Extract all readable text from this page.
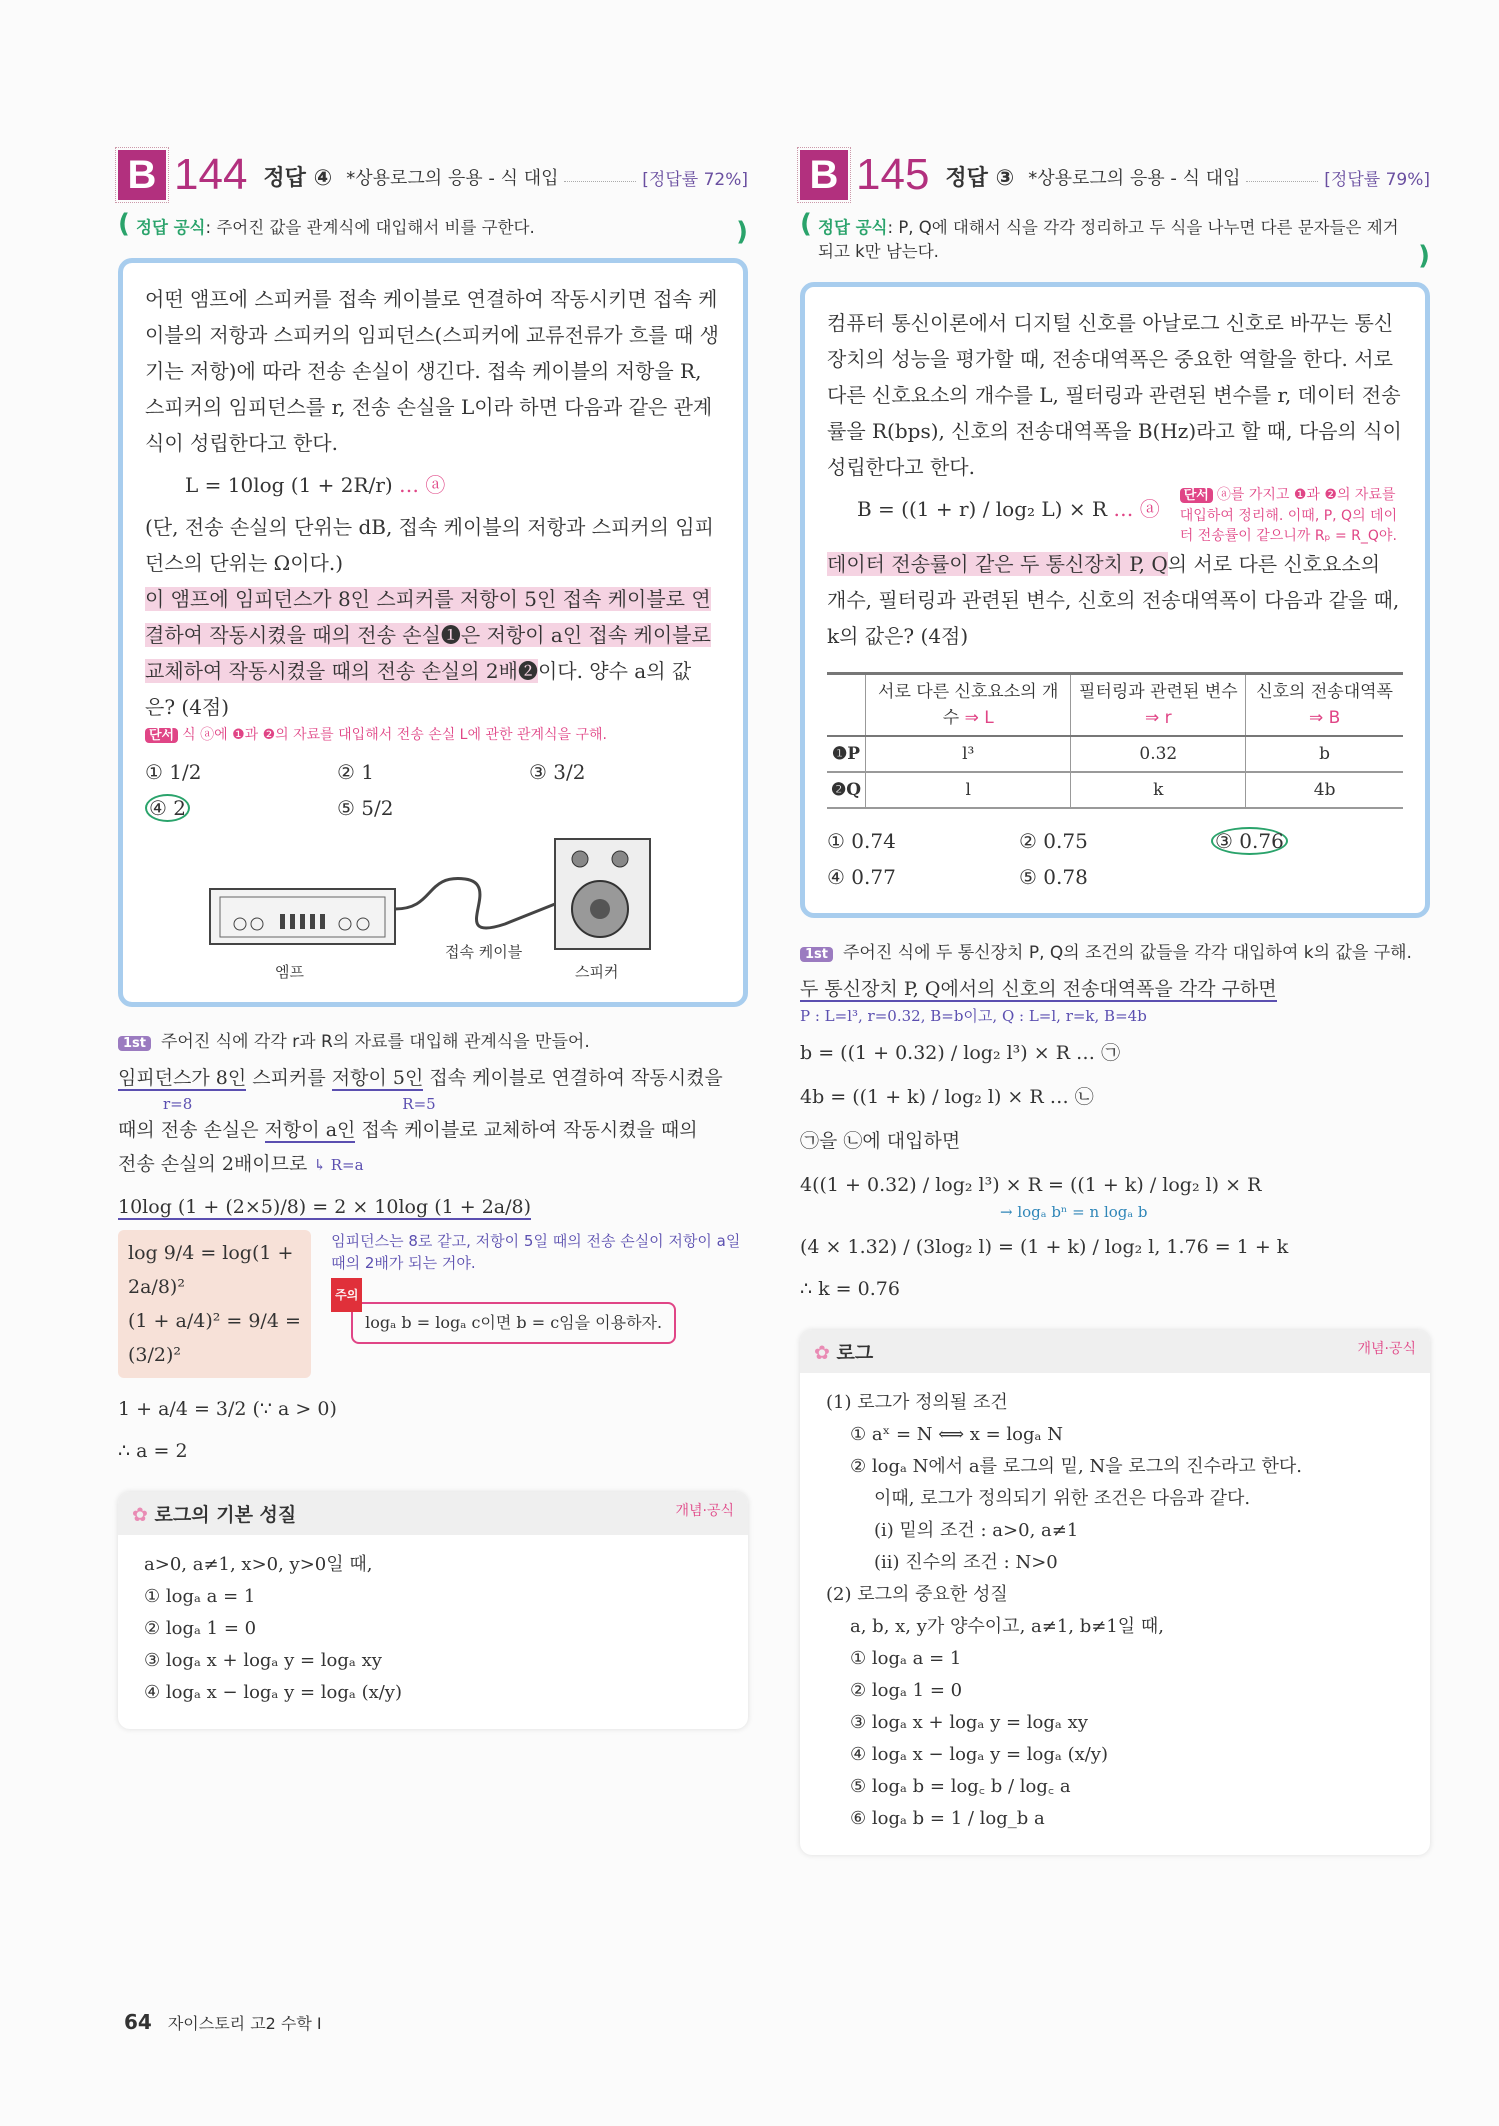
B 144 정답 ④ *상용로그의 응용 - 식 대입	[정답률 72%]
( 정답 공식: 주어진 값을 관계식에 대입해서 비를 구한다. )
어떤 앰프에 스피커를 접속 케이블로 연결하여 작동시키면 접속 케이블의 저항과 스피커의 임피던스(스피커에 교류전류가 흐를 때 생기는 저항)에 따라 전송 손실이 생긴다. 접속 케이블의 저항을 R, 스피커의 임피던스를 r, 전송 손실을 L이라 하면 다음과 같은 관계식이 성립한다고 한다.
L = 10log (1 + 2R/r) … ⓐ
(단, 전송 손실의 단위는 dB, 접속 케이블의 저항과 스피커의 임피던스의 단위는 Ω이다.)
이 앰프에 임피던스가 8인 스피커를 저항이 5인 접속 케이블로 연결하여 작동시켰을 때의 전송 손실❶은 저항이 a인 접속 케이블로 교체하여 작동시켰을 때의 전송 손실의 2배❷이다. 양수 a의 값은? (4점)
단서 식 ⓐ에 ❶과 ❷의 자료를 대입해서 전송 손실 L에 관한 관계식을 구해.
① 1/2	② 1	③ 3/2
④ 2	⑤ 5/2
엠프
접속 케이블
스피커
1st 주어진 식에 각각 r과 R의 자료를 대입해 관계식을 만들어.
임피던스가 8인 스피커를 저항이 5인 접속 케이블로 연결하여 작동시켰을
r=8	R=5
때의 전송 손실은 저항이 a인 접속 케이블로 교체하여 작동시켰을 때의
전송 손실의 2배이므로 ↳ R=a
10log (1 + (2×5)/8) = 2 × 10log (1 + 2a/8)
log 9/4 = log(1 + 2a/8)²
(1 + a/4)² = 9/4 = (3/2)²
임피던스는 8로 같고, 저항이 5일 때의 전송 손실이 저항이 a일 때의 2배가 되는 거야.
주의
logₐ b = logₐ c이면 b = c임을 이용하자.
1 + a/4 = 3/2 (∵ a > 0)
∴ a = 2
✿ 로그의 기본 성질	개념·공식
a>0, a≠1, x>0, y>0일 때,
① logₐ a = 1
② logₐ 1 = 0
③ logₐ x + logₐ y = logₐ xy
④ logₐ x − logₐ y = logₐ (x/y)
B 145 정답 ③ *상용로그의 응용 - 식 대입	[정답률 79%]
( 정답 공식: P, Q에 대해서 식을 각각 정리하고 두 식을 나누면 다른 문자들은 제거되고 k만 남는다. )
컴퓨터 통신이론에서 디지털 신호를 아날로그 신호로 바꾸는 통신장치의 성능을 평가할 때, 전송대역폭은 중요한 역할을 한다. 서로 다른 신호요소의 개수를 L, 필터링과 관련된 변수를 r, 데이터 전송률을 R(bps), 신호의 전송대역폭을 B(Hz)라고 할 때, 다음의 식이 성립한다고 한다.
B = ((1 + r) / log₂ L) × R … ⓐ
단서 ⓐ를 가지고 ❶과 ❷의 자료를 대입하여 정리해. 이때, P, Q의 데이터 전송률이 같으니까 Rₚ = R_Q야.
데이터 전송률이 같은 두 통신장치 P, Q의 서로 다른 신호요소의 개수, 필터링과 관련된 변수, 신호의 전송대역폭이 다음과 같을 때, k의 값은? (4점)
	서로 다른 신호요소의 개수 ⇒ L	필터링과 관련된 변수 ⇒ r	신호의 전송대역폭 ⇒ B
❶P	l³	0.32	b
❷Q	l	k	4b
① 0.74	② 0.75	③ 0.76
④ 0.77	⑤ 0.78
1st 주어진 식에 두 통신장치 P, Q의 조건의 값들을 각각 대입하여 k의 값을 구해.
두 통신장치 P, Q에서의 신호의 전송대역폭을 각각 구하면
P : L=l³, r=0.32, B=b이고, Q : L=l, r=k, B=4b
b = ((1 + 0.32) / log₂ l³) × R … ㉠
4b = ((1 + k) / log₂ l) × R … ㉡
㉠을 ㉡에 대입하면
4((1 + 0.32) / log₂ l³) × R = ((1 + k) / log₂ l) × R
→ logₐ bⁿ = n logₐ b
(4 × 1.32) / (3log₂ l) = (1 + k) / log₂ l, 1.76 = 1 + k
∴ k = 0.76
✿ 로그	개념·공식
(1) 로그가 정의될 조건
① aˣ = N ⟺ x = logₐ N
② logₐ N에서 a를 로그의 밑, N을 로그의 진수라고 한다.
이때, 로그가 정의되기 위한 조건은 다음과 같다.
(i) 밑의 조건 : a>0, a≠1
(ii) 진수의 조건 : N>0
(2) 로그의 중요한 성질
a, b, x, y가 양수이고, a≠1, b≠1일 때,
① logₐ a = 1
② logₐ 1 = 0
③ logₐ x + logₐ y = logₐ xy
④ logₐ x − logₐ y = logₐ (x/y)
⑤ logₐ b = log꜀ b / log꜀ a
⑥ logₐ b = 1 / log_b a
64 자이스토리 고2 수학 I
